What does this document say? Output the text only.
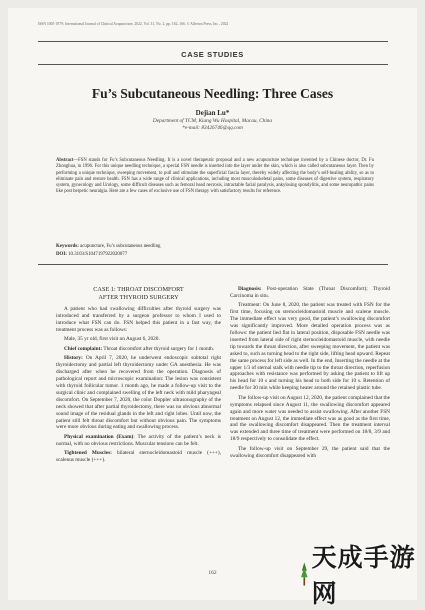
ISSN 1005-1979; International Journal of Clinical Acupuncture, 2022, Vol. 31, No. 2, pp. 162–166. © Allerton Press, Inc., 2022
CASE STUDIES
Fu’s Subcutaneous Needling: Three Cases
Dejian Lu*
Department of TCM, Kiang Wu Hospital, Macau, China
*e-mail: 83426746@qq.com
Abstract—FSN stands for Fu’s Subcutaneous Needling. It is a novel therapeutic proposal and a new acupuncture technique invented by a Chinese doctor, Dr. Fu Zhonghua, in 1996. For this unique needling technique, a special FSN needle is inserted into the layer under the skin, which is also called subcutaneous layer. Then by performing a unique technique, sweeping movement, to pull and stimulate the superficial fascia layer, thereby widely affecting the body’s self-healing ability, so as to eliminate pain and restore health. FSN has a wide range of clinical applications, including most musculoskeletal pains, some diseases of digestive system, respiratory system, gynecology and Urology, some difficult diseases such as femoral head necrosis, intractable facial paralysis, ankylosing spondylitis, and some neuropathic pains like post herpetic neuralgia. Here are a few cases of exclusive use of FSN therapy with satisfactory results for reference.
Keywords: acupuncture, Fu’s subcutaneous needling
DOI: 10.3103/S1047197922020077
CASE 1: THROAT DISCOMFORT
AFTER THYROID SURGERY

A patient who had swallowing difficulties after thyroid surgery was introduced and transferred by a surgeon professor to whom I used to introduce what FSN can do. FSN helped this patient in a fast way, the treatment process was as follows:

Male, 35 yr old, first visit on August 6, 2020.

Chief complaint: Throat discomfort after thyroid surgery for 1 month.

History: On April 7, 2020, he underwent endoscopic subtotal right thyroidectomy and partial left thyroidectomy under GA anesthesia. He was discharged after when he recovered from the operation. Diagnosis of pathological report and microscopic examination: The lesion was consistent with thyroid follicular tumor. 1 month ago, he made a follow-up visit to the surgical clinic and complained swelling of the left neck with mild pharyngeal discomfort. On September 7, 2020, the color Doppler ultrasonography of the neck showed that after partial thyroidectomy, there was no obvious abnormal sound image of the residual glands in the left and right lobes. Until now, the patient still felt throat discomfort but without obvious pain. The symptoms were more obvious during eating and swallowing process.

Physical examination (Exam): The activity of the patient’s neck is normal, with no obvious restrictions. Muscular tensions can be felt.

Tightened Muscles: bilateral sternocleidomastoid muscle (+++), scalenus muscle (+++).

Diagnosis: Post-operation State (Throat Discomfort); Thyroid Carcinoma in situ.

Treatment: On June 8, 2020, the patient was treated with FSN for the first time, focusing on sternocleidomastoid muscle and scalene muscle. The immediate effect was very good, the patient’s swallowing discomfort was significantly improved. More detailed operation process was as follows: the patient lied flat in lateral position, disposable FSN needle was inserted from lateral side of right sternocleidomastoid muscle, with needle tip towards the throat direction, after sweeping movement, the patient was asked to, such as turning head to the right side, lifting head upward. Repeat the same process for left side as well. In the end, Inserting the needle at the upper 1/3 of sternal stalk with needle tip to the throat direction, reperfusion approaches with resistance was performed by asking the patient to lift up his head for 10 s and turning his head to both side for 10 s. Retention of needle for 30 min while keeping heater around the retained plastic tube.

The follow-up visit on August 12, 2020, the patient complained that the symptoms relapsed since August 11, the swallowing discomfort appeared again and more water was needed to assist swallowing. After another FSN treatment on August 12, the immediate effect was as good as the first time, and the swallowing discomfort disappeared. Then the treatment interval was extended and three time of treatment were performed on 18/8, 3/9 and 18/9 respectively to consolidate the effect.

The follow-up visit on September 29, the patient said that the swallowing discomfort disappeared with

162
天成手游网
